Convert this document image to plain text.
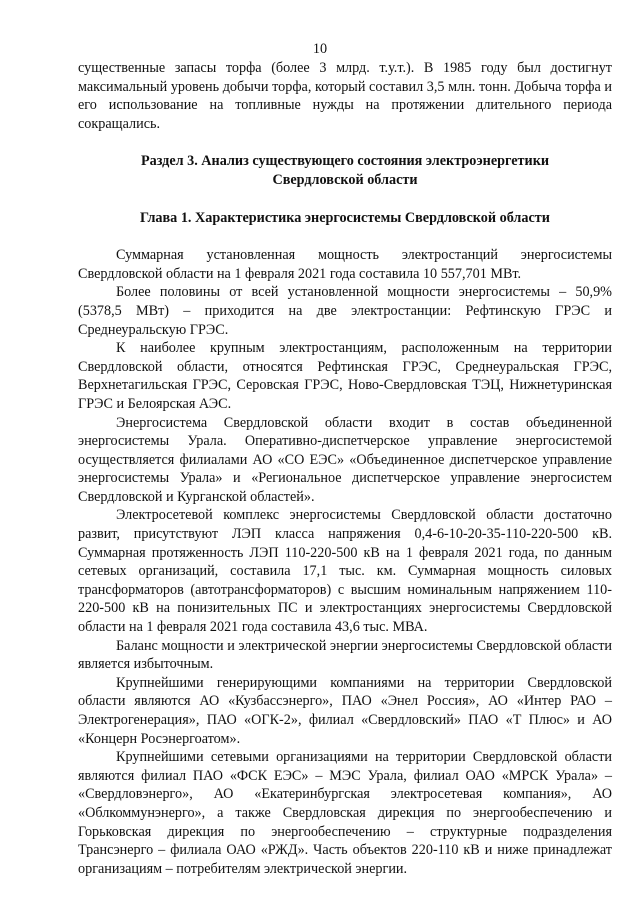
10

существенные запасы торфа (более 3 млрд. т.у.т.). В 1985 году был достигнут максимальный уровень добычи торфа, который составил 3,5 млн. тонн. Добыча торфа и его использование на топливные нужды на протяжении длительного периода сокращались.

Раздел 3. Анализ существующего состояния электроэнергетики
Свердловской области
Глава 1. Характеристика энергосистемы Свердловской области

Суммарная установленная мощность электростанций энергосистемы Свердловской области на 1 февраля 2021 года составила 10 557,701 МВт.

Более половины от всей установленной мощности энергосистемы – 50,9% (5378,5 МВт) – приходится на две электростанции: Рефтинскую ГРЭС и Среднеуральскую ГРЭС.

К наиболее крупным электростанциям, расположенным на территории Свердловской области, относятся Рефтинская ГРЭС, Среднеуральская ГРЭС, Верхнетагильская ГРЭС, Серовская ГРЭС, Ново-Свердловская ТЭЦ, Нижнетуринская ГРЭС и Белоярская АЭС.

Энергосистема Свердловской области входит в состав объединенной энергосистемы Урала. Оперативно-диспетчерское управление энергосистемой осуществляется филиалами АО «СО ЕЭС» «Объединенное диспетчерское управление энергосистемы Урала» и «Региональное диспетчерское управление энергосистем Свердловской и Курганской областей».

Электросетевой комплекс энергосистемы Свердловской области достаточно развит, присутствуют ЛЭП класса напряжения 0,4-6-10-20-35-110-220-500 кВ. Суммарная протяженность ЛЭП 110-220-500 кВ на 1 февраля 2021 года, по данным сетевых организаций, составила 17,1 тыс. км. Суммарная мощность силовых трансформаторов (автотрансформаторов) с высшим номинальным напряжением 110-220-500 кВ на понизительных ПС и электростанциях энергосистемы Свердловской области на 1 февраля 2021 года составила 43,6 тыс. МВА.

Баланс мощности и электрической энергии энергосистемы Свердловской области является избыточным.

Крупнейшими генерирующими компаниями на территории Свердловской области являются АО «Кузбассэнерго», ПАО «Энел Россия», АО «Интер РАО – Электрогенерация», ПАО «ОГК-2», филиал «Свердловский» ПАО «Т Плюс» и АО «Концерн Росэнергоатом».

Крупнейшими сетевыми организациями на территории Свердловской области являются филиал ПАО «ФСК ЕЭС» – МЭС Урала, филиал ОАО «МРСК Урала» – «Свердловэнерго», АО «Екатеринбургская электросетевая компания», АО «Облкоммунэнерго», а также Свердловская дирекция по энергообеспечению и Горьковская дирекция по энергообеспечению – структурные подразделения Трансэнерго – филиала ОАО «РЖД». Часть объектов 220-110 кВ и ниже принадлежат организациям – потребителям электрической энергии.
